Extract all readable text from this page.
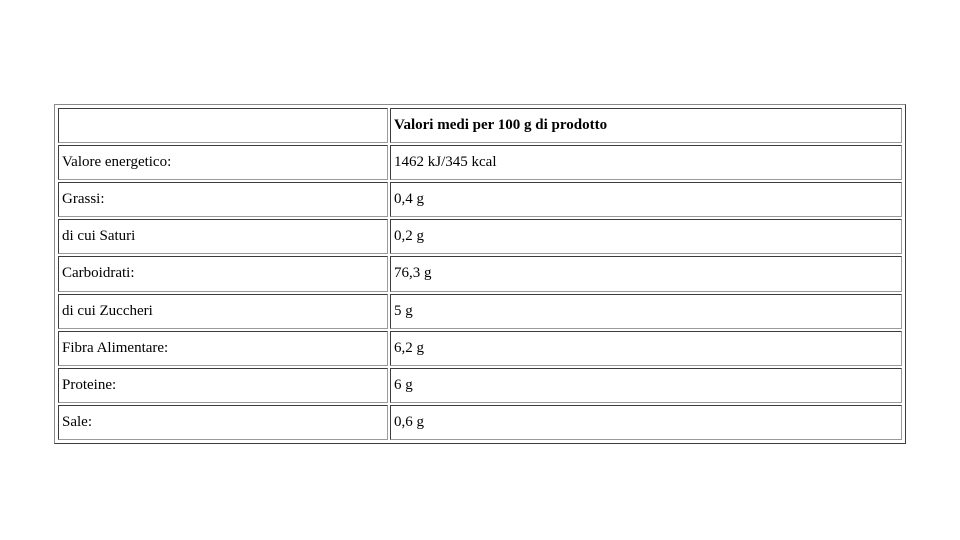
	Valori medi per 100 g di prodotto
Valore energetico:	1462 kJ/345 kcal
Grassi:	0,4 g
di cui Saturi	0,2 g
Carboidrati:	76,3 g
di cui Zuccheri	5 g
Fibra Alimentare:	6,2 g
Proteine:	6 g
Sale:	0,6 g
